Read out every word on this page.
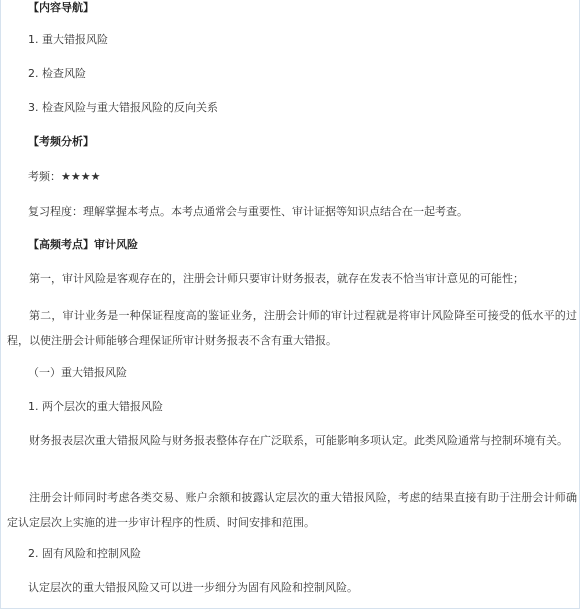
【内容导航】
1. 重大错报风险
2. 检查风险
3. 检查风险与重大错报风险的反向关系
【考频分析】
考频：★★★★
复习程度：理解掌握本考点。本考点通常会与重要性、审计证据等知识点结合在一起考查。
【高频考点】审计风险

第一，审计风险是客观存在的，注册会计师只要审计财务报表，就存在发表不恰当审计意见的可能性；

第二，审计业务是一种保证程度高的鉴证业务，注册会计师的审计过程就是将审计风险降至可接受的低水平的过程，以使注册会计师能够合理保证所审计财务报表不含有重大错报。

（一）重大错报风险
1. 两个层次的重大错报风险

财务报表层次重大错报风险与财务报表整体存在广泛联系，可能影响多项认定。此类风险通常与控制环境有关。

注册会计师同时考虑各类交易、账户余额和披露认定层次的重大错报风险，考虑的结果直接有助于注册会计师确定认定层次上实施的进一步审计程序的性质、时间安排和范围。

2. 固有风险和控制风险
认定层次的重大错报风险又可以进一步细分为固有风险和控制风险。
